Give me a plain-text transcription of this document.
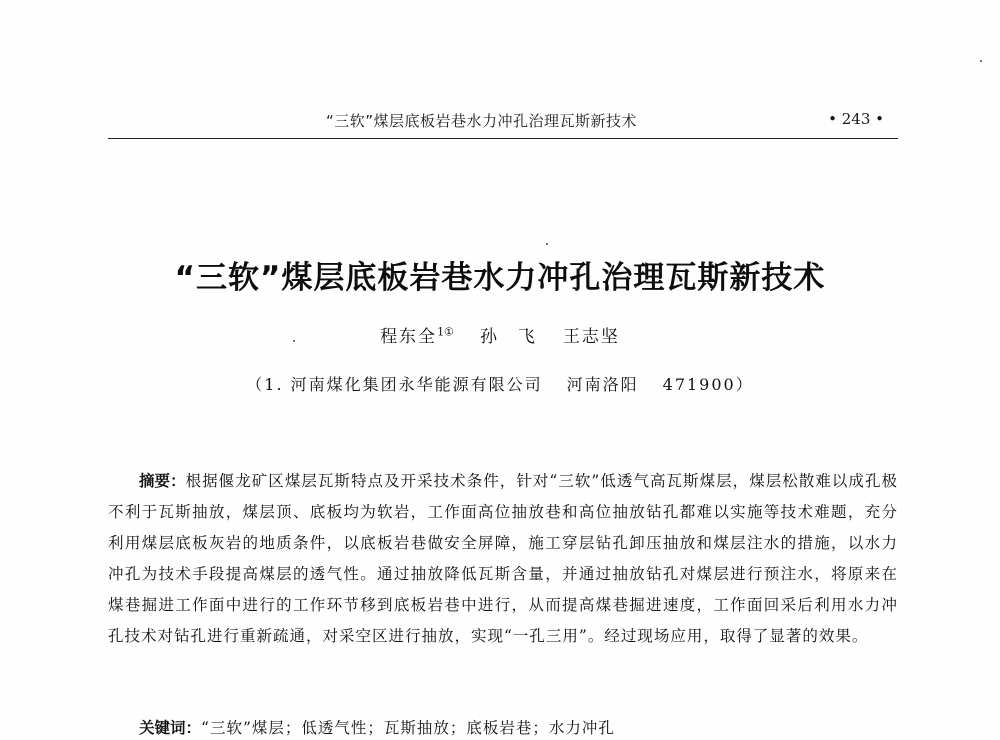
“三软”煤层底板岩巷水力冲孔治理瓦斯新技术	• 243 •
“三软”煤层底板岩巷水力冲孔治理瓦斯新技术
程东全$^{1①}$ 孙　飞 王志坚
（1. 河南煤化集团永华能源有限公司 河南洛阳 471900）
摘要：根据偃龙矿区煤层瓦斯特点及开采技术条件，针对“三软”低透气高瓦斯煤层，煤层松散难以成孔极不利于瓦斯抽放，煤层顶、底板均为软岩，工作面高位抽放巷和高位抽放钻孔都难以实施等技术难题，充分利用煤层底板灰岩的地质条件，以底板岩巷做安全屏障，施工穿层钻孔卸压抽放和煤层注水的措施，以水力冲孔为技术手段提高煤层的透气性。通过抽放降低瓦斯含量，并通过抽放钻孔对煤层进行预注水，将原来在煤巷掘进工作面中进行的工作环节移到底板岩巷中进行，从而提高煤巷掘进速度，工作面回采后利用水力冲孔技术对钻孔进行重新疏通，对采空区进行抽放，实现“一孔三用”。经过现场应用，取得了显著的效果。
关键词：“三软”煤层；低透气性；瓦斯抽放；底板岩巷；水力冲孔
